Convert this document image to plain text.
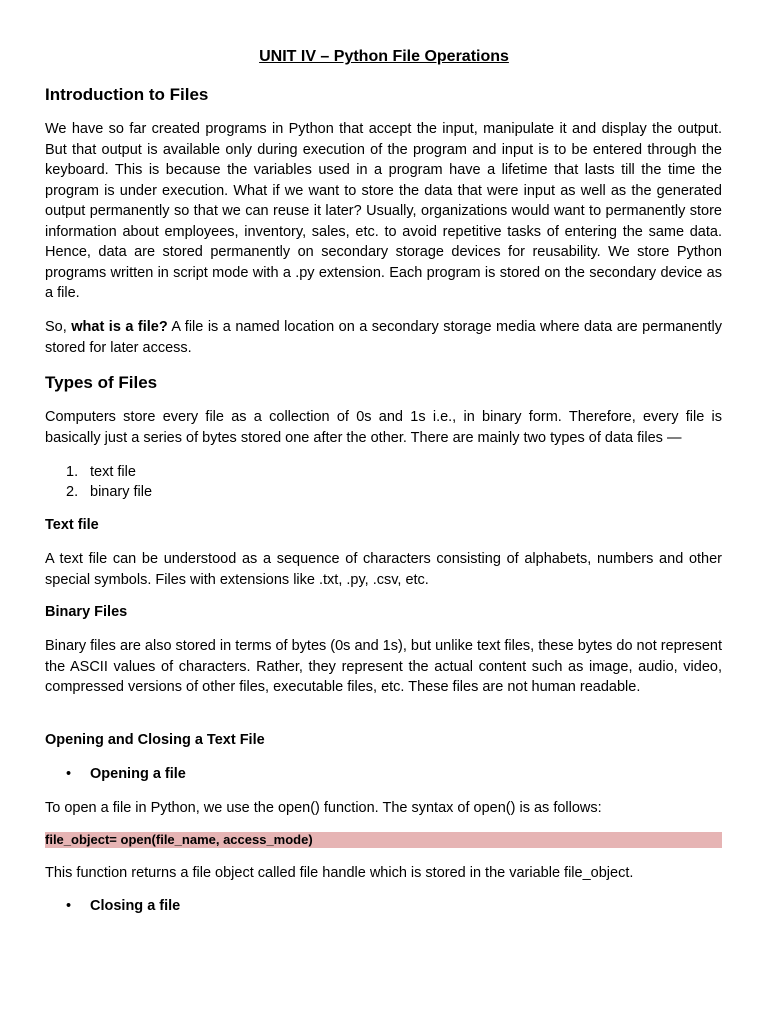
UNIT IV – Python File Operations
Introduction to Files
We have so far created programs in Python that accept the input, manipulate it and display the output. But that output is available only during execution of the program and input is to be entered through the keyboard. This is because the variables used in a program have a lifetime that lasts till the time the program is under execution. What if we want to store the data that were input as well as the generated output permanently so that we can reuse it later? Usually, organizations would want to permanently store information about employees, inventory, sales, etc. to avoid repetitive tasks of entering the same data. Hence, data are stored permanently on secondary storage devices for reusability. We store Python programs written in script mode with a .py extension. Each program is stored on the secondary device as a file.
So, what is a file? A file is a named location on a secondary storage media where data are permanently stored for later access.
Types of Files
Computers store every file as a collection of 0s and 1s i.e., in binary form. Therefore, every file is basically just a series of bytes stored one after the other. There are mainly two types of data files —
1. text file
2. binary file
Text file
A text file can be understood as a sequence of characters consisting of alphabets, numbers and other special symbols. Files with extensions like .txt, .py, .csv, etc.
Binary Files
Binary files are also stored in terms of bytes (0s and 1s), but unlike text files, these bytes do not represent the ASCII values of characters. Rather, they represent the actual content such as image, audio, video, compressed versions of other files, executable files, etc. These files are not human readable.
Opening and Closing a Text File
• Opening a file
To open a file in Python, we use the open() function. The syntax of open() is as follows:
file_object= open(file_name, access_mode)
This function returns a file object called file handle which is stored in the variable file_object.
• Closing a file
